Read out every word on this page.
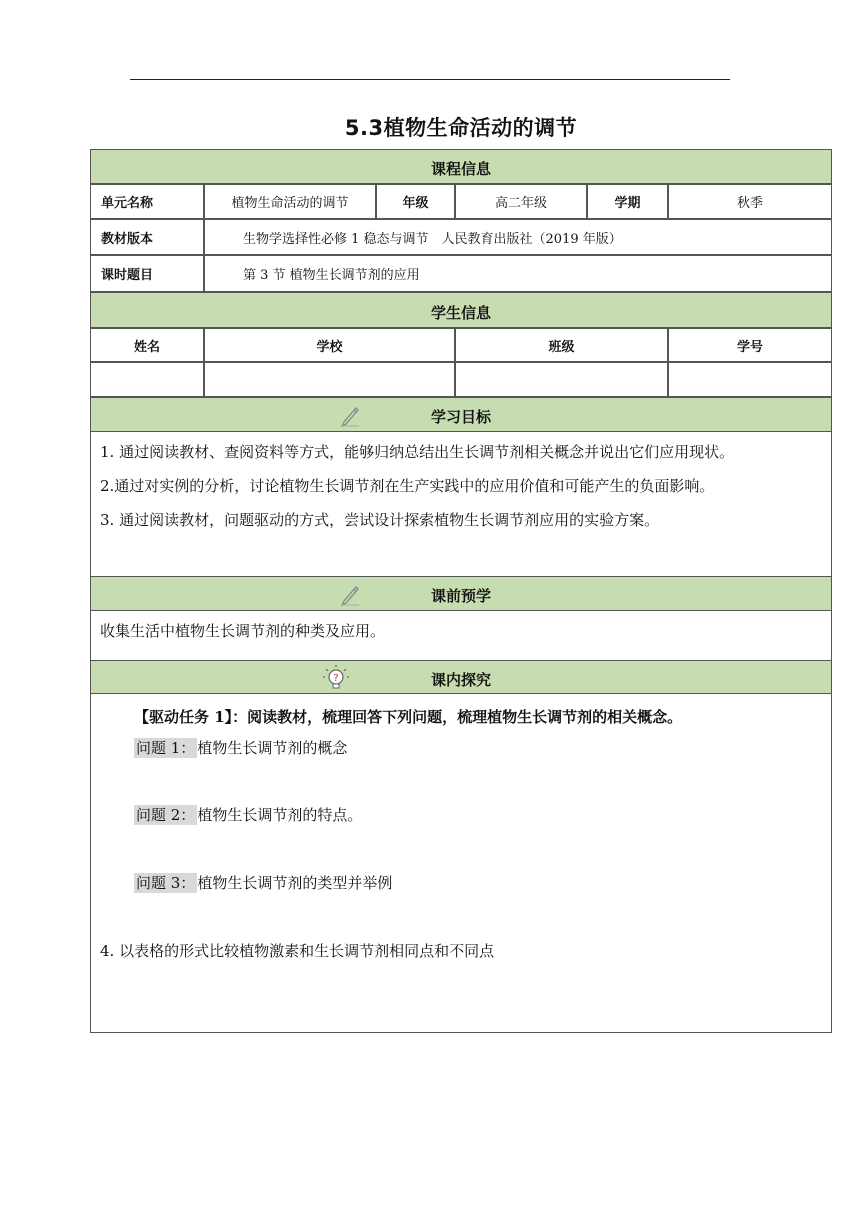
5.3植物生命活动的调节
课程信息
单元名称	植物生命活动的调节	年级	高二年级	学期	秋季
教材版本	生物学选择性必修 1 稳态与调节　人民教育出版社（2019 年版）
课时题目	第 3 节 植物生长调节剂的应用
学生信息
姓名	学校	班级	学号
学习目标
1. 通过阅读教材、查阅资料等方式，能够归纳总结出生长调节剂相关概念并说出它们应用现状。
2.通过对实例的分析，讨论植物生长调节剂在生产实践中的应用价值和可能产生的负面影响。
3. 通过阅读教材，问题驱动的方式，尝试设计探索植物生长调节剂应用的实验方案。
课前预学
收集生活中植物生长调节剂的种类及应用。
?	课内探究
【驱动任务 1】：阅读教材，梳理回答下列问题，梳理植物生长调节剂的相关概念。
问题 1： 植物生长调节剂的概念
问题 2： 植物生长调节剂的特点。
问题 3： 植物生长调节剂的类型并举例
4. 以表格的形式比较植物激素和生长调节剂相同点和不同点
